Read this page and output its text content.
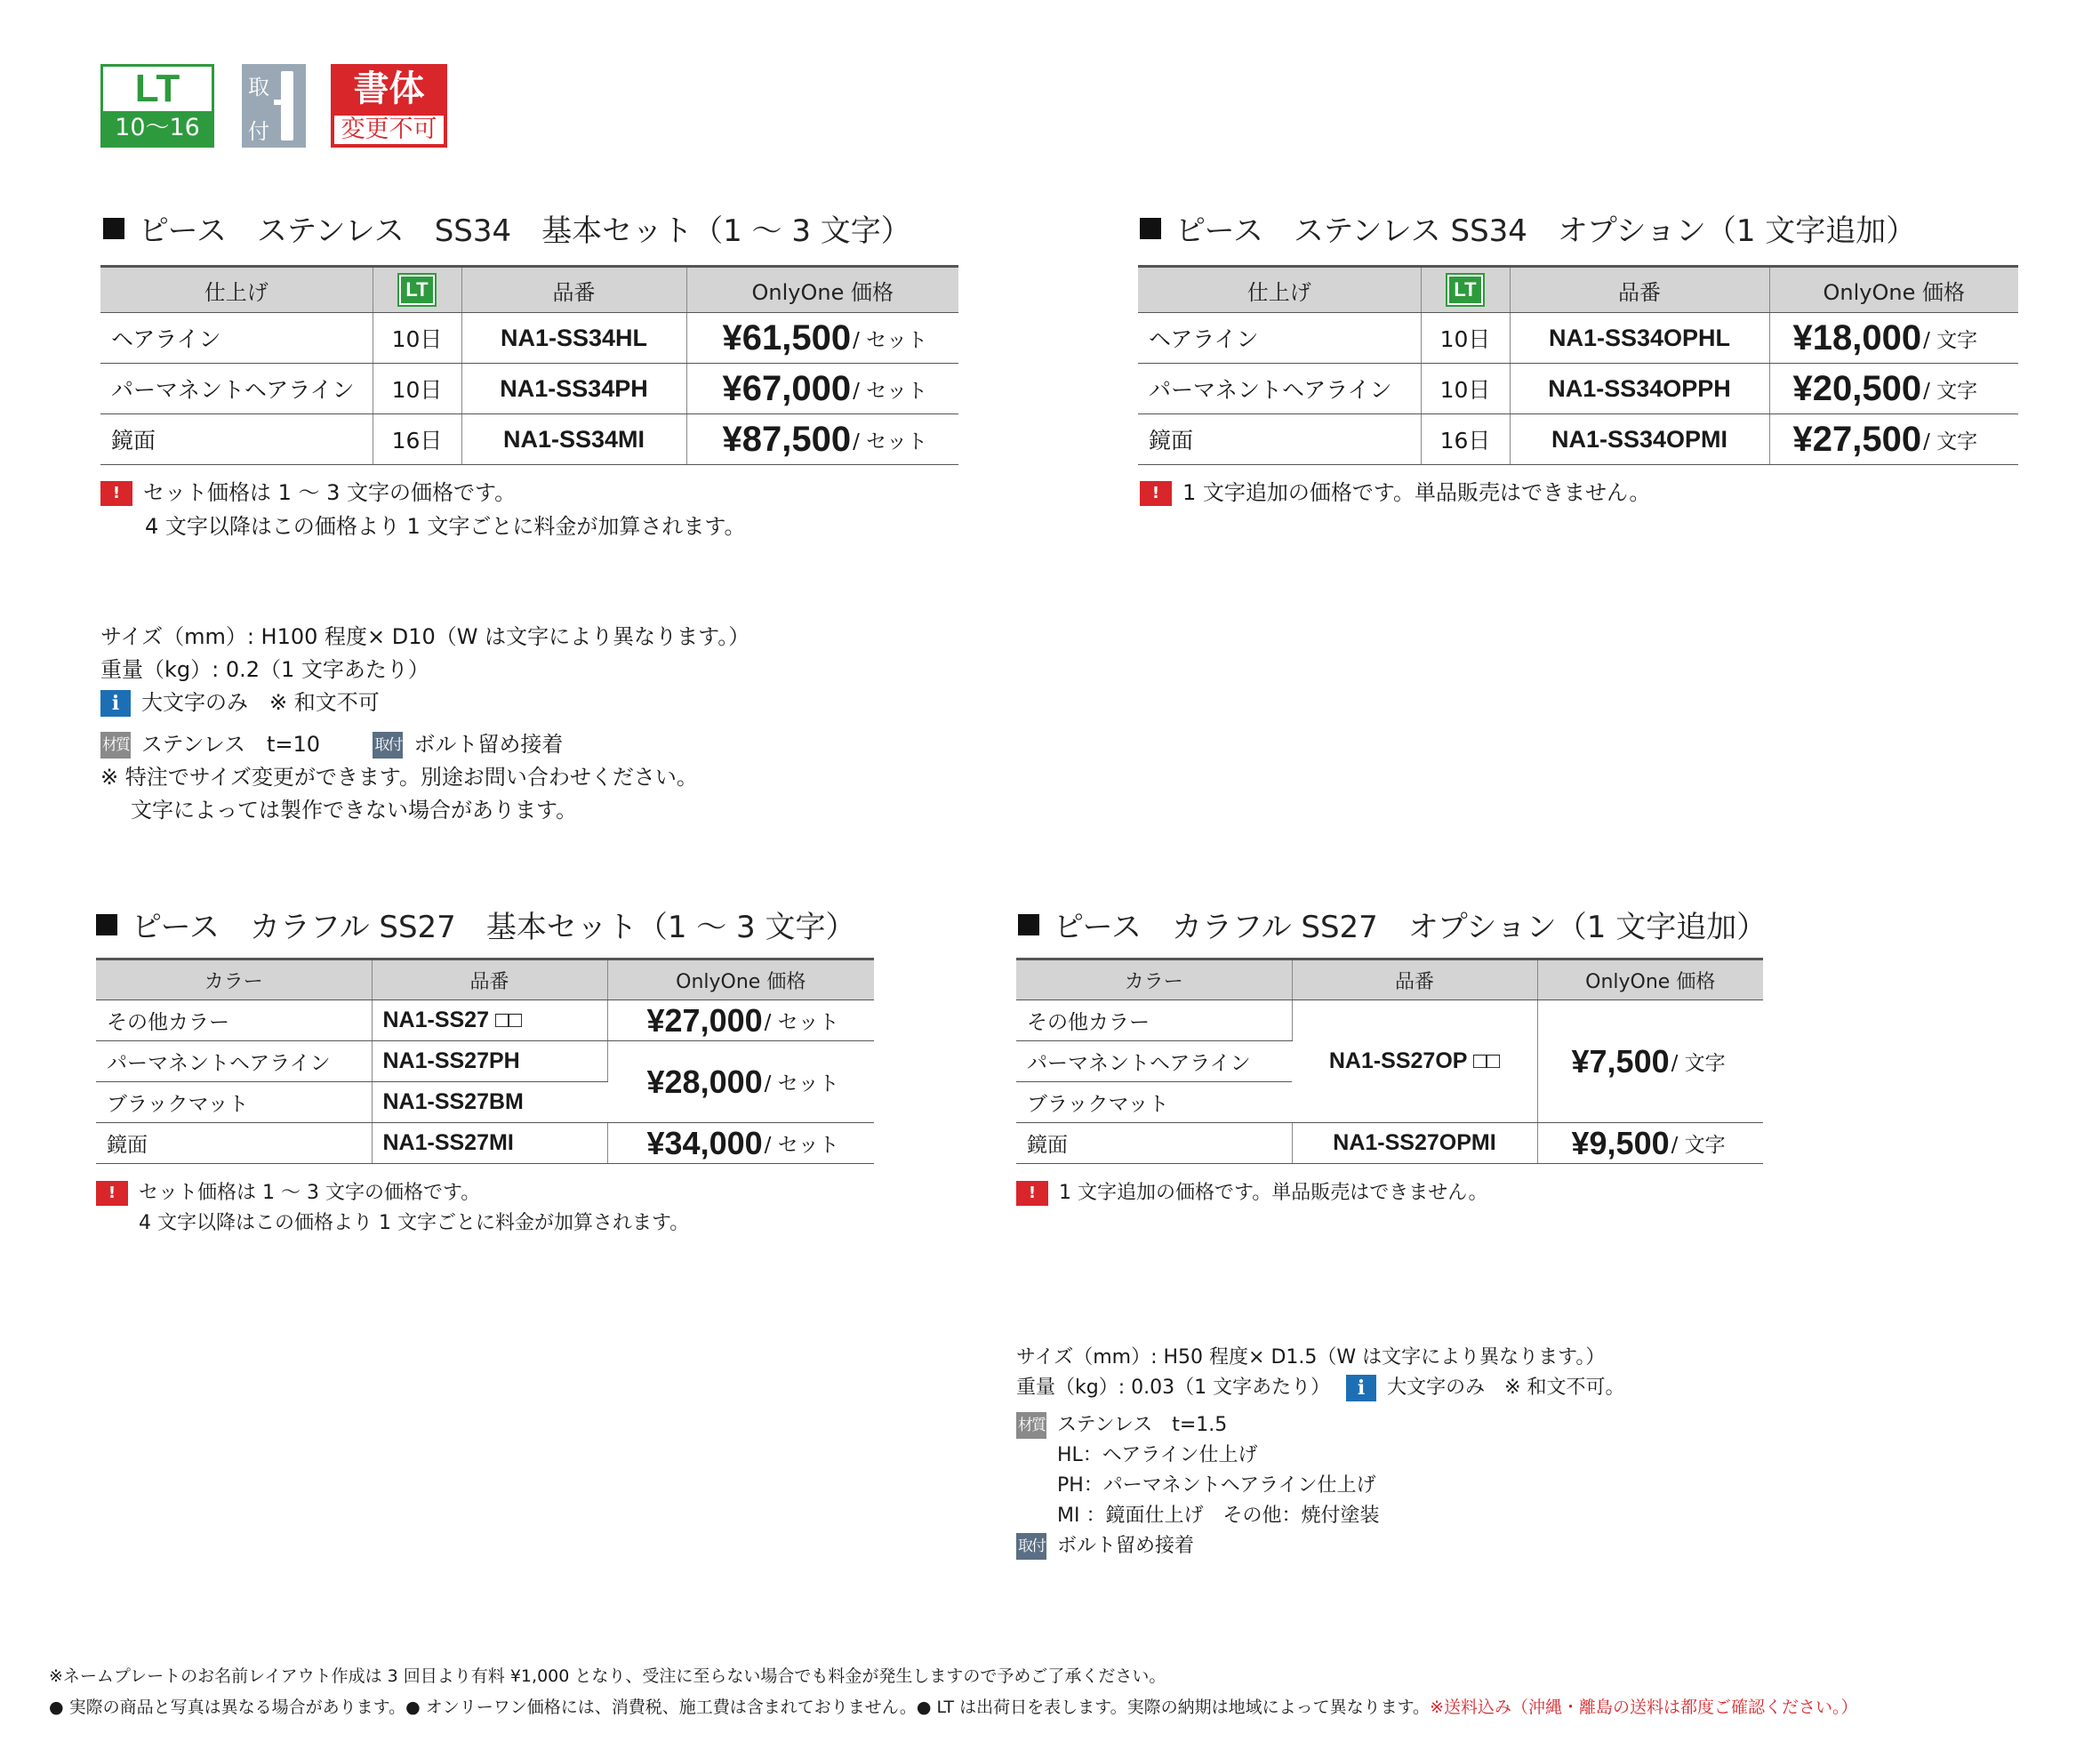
LT
10～16日
取
付
書体
変更不可
ピース　ステンレス　SS34　基本セット（1 ～ 3 文字）
仕上げ	LT	品番	OnlyOne 価格
ヘアライン	10日	NA1-SS34HL	¥61,500/ セット
パーマネントヘアライン	10日	NA1-SS34PH	¥67,000/ セット
鏡面	16日	NA1-SS34MI	¥87,500/ セット
!セット価格は 1 ～ 3 文字の価格です。
4 文字以降はこの価格より 1 文字ごとに料金が加算されます。
ピース　ステンレス SS34　オプション（1 文字追加）
仕上げ	LT	品番	OnlyOne 価格
ヘアライン	10日	NA1-SS34OPHL	¥18,000/ 文字
パーマネントヘアライン	10日	NA1-SS34OPPH	¥20,500/ 文字
鏡面	16日	NA1-SS34OPMI	¥27,500/ 文字
!1 文字追加の価格です。単品販売はできません。
サイズ（mm）: H100 程度× D10（W は文字により異なります。）
重量（kg）: 0.2（1 文字あたり）
i 大文字のみ　※ 和文不可
材質 ステンレス　t=10	取付 ボルト留め接着
※ 特注でサイズ変更ができます。別途お問い合わせください。
文字によっては製作できない場合があります。
ピース　カラフル SS27　基本セット（1 ～ 3 文字）
カラー	品番	OnlyOne 価格
その他カラー	NA1-SS27 □□	¥27,000/ セット
パーマネントヘアライン	NA1-SS27PH	¥28,000/ セット
ブラックマット	NA1-SS27BM	
鏡面	NA1-SS27MI	¥34,000/ セット
!セット価格は 1 ～ 3 文字の価格です。
4 文字以降はこの価格より 1 文字ごとに料金が加算されます。
ピース　カラフル SS27　オプション（1 文字追加）
カラー	品番	OnlyOne 価格
その他カラー	NA1-SS27OP □□	¥7,500/ 文字
パーマネントヘアライン		
ブラックマット		
鏡面	NA1-SS27OPMI	¥9,500/ 文字
!1 文字追加の価格です。単品販売はできません。
サイズ（mm）: H50 程度× D1.5（W は文字により異なります。）
重量（kg）: 0.03（1 文字あたり） i 大文字のみ　※ 和文不可。
材質 ステンレス　t=1.5
HL：ヘアライン仕上げ
PH：パーマネントヘアライン仕上げ
MI ：鏡面仕上げ　その他：焼付塗装
取付 ボルト留め接着
※ネームプレートのお名前レイアウト作成は 3 回目より有料 ¥1,000 となり、受注に至らない場合でも料金が発生しますので予めご了承ください。
● 実際の商品と写真は異なる場合があります。● オンリーワン価格には、消費税、施工費は含まれておりません。● LT は出荷日を表します。実際の納期は地域によって異なります。※送料込み（沖縄・離島の送料は都度ご確認ください。）
